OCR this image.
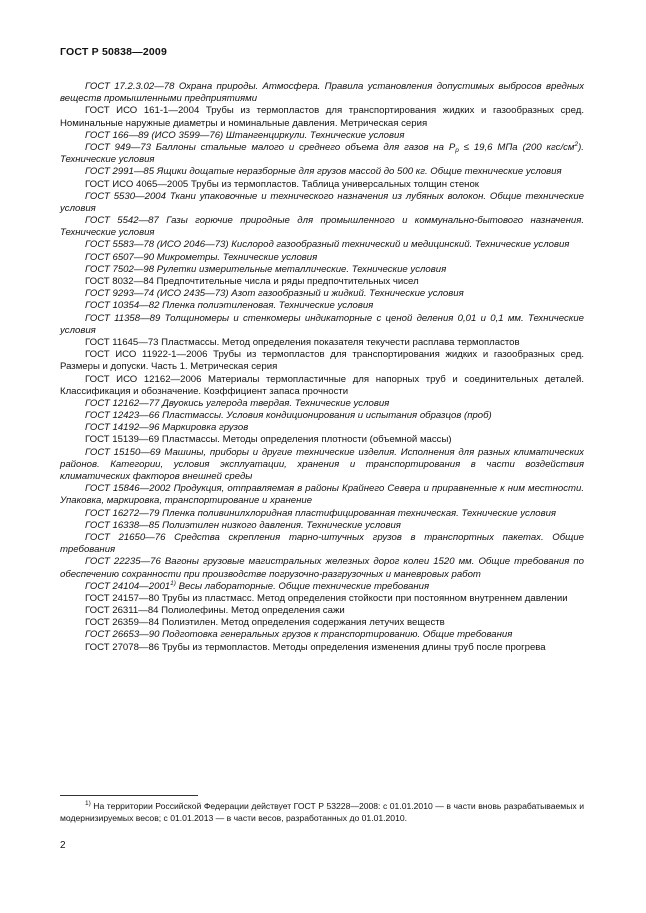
ГОСТ Р 50838—2009

ГОСТ 17.2.3.02—78 Охрана природы. Атмосфера. Правила установления допустимых выбросов вредных веществ промышленными предприятиями

ГОСТ ИСО 161-1—2004 Трубы из термопластов для транспортирования жидких и газообразных сред. Номинальные наружные диаметры и номинальные давления. Метрическая серия

ГОСТ 166—89 (ИСО 3599—76) Штангенциркули. Технические условия

ГОСТ 949—73 Баллоны стальные малого и среднего объема для газов на $P_р \le 19,6$ МПа (200 кгс/$см^2$). Технические условия

ГОСТ 2991—85 Ящики дощатые неразборные для грузов массой до 500 кг. Общие технические условия

ГОСТ ИСО 4065—2005 Трубы из термопластов. Таблица универсальных толщин стенок

ГОСТ 5530—2004 Ткани упаковочные и технического назначения из лубяных волокон. Общие технические условия

ГОСТ 5542—87 Газы горючие природные для промышленного и коммунально-бытового назначения. Технические условия

ГОСТ 5583—78 (ИСО 2046—73) Кислород газообразный технический и медицинский. Технические условия

ГОСТ 6507—90 Микрометры. Технические условия

ГОСТ 7502—98 Рулетки измерительные металлические. Технические условия

ГОСТ 8032—84 Предпочтительные числа и ряды предпочтительных чисел

ГОСТ 9293—74 (ИСО 2435—73) Азот газообразный и жидкий. Технические условия

ГОСТ 10354—82 Пленка полиэтиленовая. Технические условия

ГОСТ 11358—89 Толщиномеры и стенкомеры индикаторные с ценой деления 0,01 и 0,1 мм. Технические условия

ГОСТ 11645—73 Пластмассы. Метод определения показателя текучести расплава термопластов

ГОСТ ИСО 11922-1—2006 Трубы из термопластов для транспортирования жидких и газообразных сред. Размеры и допуски. Часть 1. Метрическая серия

ГОСТ ИСО 12162—2006 Материалы термопластичные для напорных труб и соединительных деталей. Классификация и обозначение. Коэффициент запаса прочности

ГОСТ 12162—77 Двуокись углерода твердая. Технические условия

ГОСТ 12423—66 Пластмассы. Условия кондиционирования и испытания образцов (проб)

ГОСТ 14192—96 Маркировка грузов

ГОСТ 15139—69 Пластмассы. Методы определения плотности (объемной массы)

ГОСТ 15150—69 Машины, приборы и другие технические изделия. Исполнения для разных климатических районов. Категории, условия эксплуатации, хранения и транспортирования в части воздействия климатических факторов внешней среды

ГОСТ 15846—2002 Продукция, отправляемая в районы Крайнего Севера и приравненные к ним местности. Упаковка, маркировка, транспортирование и хранение

ГОСТ 16272—79 Пленка поливинилхлоридная пластифицированная техническая. Технические условия

ГОСТ 16338—85 Полиэтилен низкого давления. Технические условия

ГОСТ 21650—76 Средства скрепления тарно-штучных грузов в транспортных пакетах. Общие требования

ГОСТ 22235—76 Вагоны грузовые магистральных железных дорог колеи 1520 мм. Общие требования по обеспечению сохранности при производстве погрузочно-разгрузочных и маневровых работ

ГОСТ 24104—2001$^{1)}$ Весы лабораторные. Общие технические требования

ГОСТ 24157—80 Трубы из пластмасс. Метод определения стойкости при постоянном внутреннем давлении

ГОСТ 26311—84 Полиолефины. Метод определения сажи

ГОСТ 26359—84 Полиэтилен. Метод определения содержания летучих веществ

ГОСТ 26653—90 Подготовка генеральных грузов к транспортированию. Общие требования

ГОСТ 27078—86 Трубы из термопластов. Методы определения изменения длины труб после прогрева

$^{1)}$ На территории Российской Федерации действует ГОСТ Р 53228—2008: с 01.01.2010 — в части вновь разрабатываемых и модернизируемых весов; с 01.01.2013 — в части весов, разработанных до 01.01.2010.
2
